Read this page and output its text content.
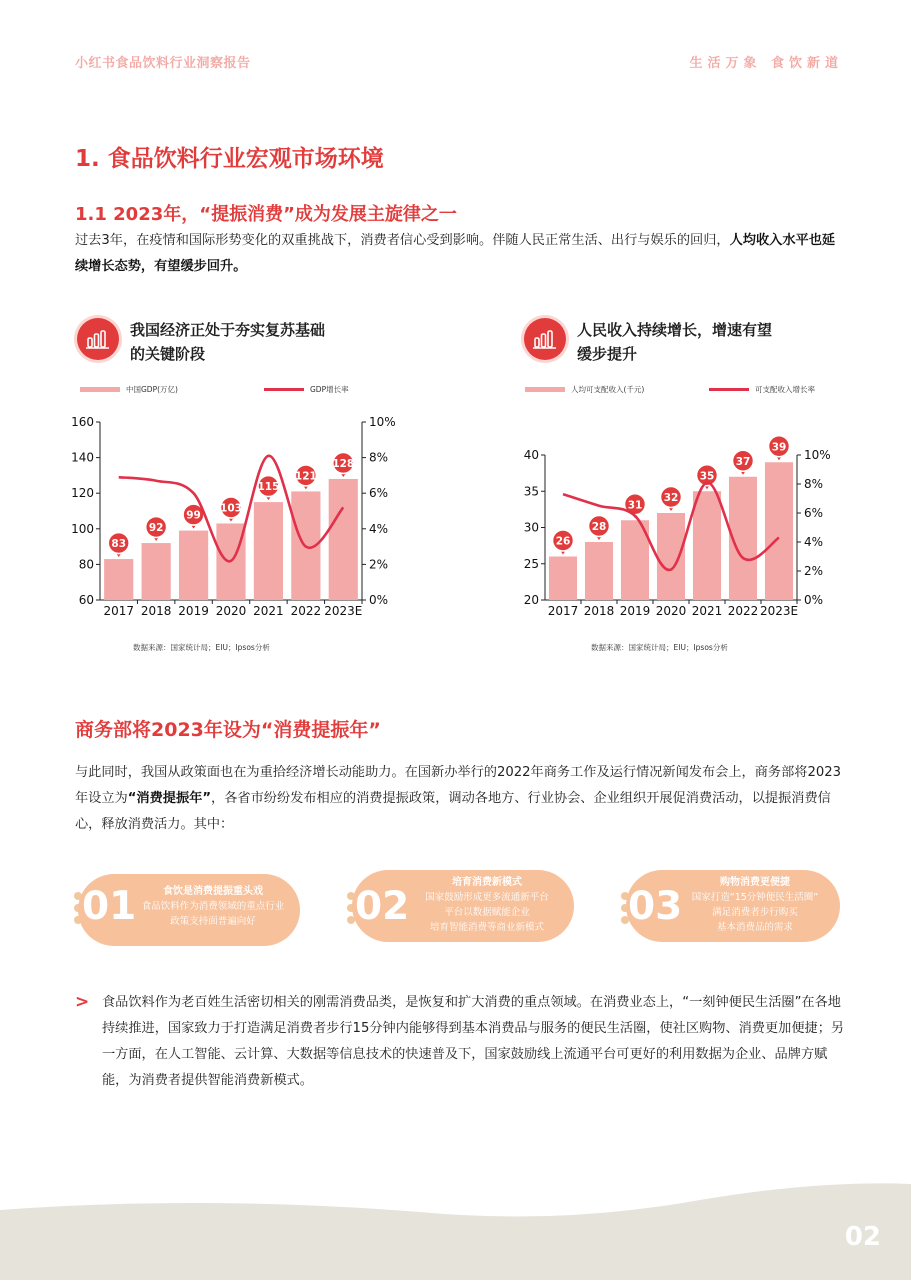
小红书食品饮料行业洞察报告	生活万象 食饮新道
1. 食品饮料行业宏观市场环境
1.1 2023年，“提振消费”成为发展主旋律之一
过去3年，在疫情和国际形势变化的双重挑战下，消费者信心受到影响。伴随人民正常生活、出行与娱乐的回归，人均收入水平也延续增长态势，有望缓步回升。
我国经济正处于夯实复苏基础
的关键阶段
人民收入持续增长，增速有望
缓步提升
中国GDP(万亿)	GDP增长率
60
80
100
120
140
160
0%
2%
4%
6%
8%
10%
2017
83
2018
92
2019
99
2020
103
2021
115
2022
121
2023E
128
人均可支配收入(千元)	可支配收入增长率
20
25
30
35
40
0%
2%
4%
6%
8%
10%
2017
26
2018
28
2019
31
2020
32
2021
35
2022
37
2023E
39
数据来源：国家统计局；EIU；Ipsos分析	数据来源：国家统计局；EIU；Ipsos分析
商务部将2023年设为“消费提振年”
与此同时，我国从政策面也在为重拾经济增长动能助力。在国新办举行的2022年商务工作及运行情况新闻发布会上，商务部将2023年设立为“消费提振年”，各省市纷纷发布相应的消费提振政策，调动各地方、行业协会、企业组织开展促消费活动，以提振消费信心，释放消费活力。其中：
01	食饮是消费提振重头戏
食品饮料作为消费领域的重点行业
政策支持面普遍向好	02
培育消费新模式
国家鼓励形成更多流通新平台
平台以数据赋能企业
培育智能消费等商业新模式	03
购物消费更便捷
国家打造“15分钟便民生活圈”
满足消费者步行购买
基本消费品的需求
> 食品饮料作为老百姓生活密切相关的刚需消费品类，是恢复和扩大消费的重点领域。在消费业态上，“一刻钟便民生活圈”在各地持续推进，国家致力于打造满足消费者步行15分钟内能够得到基本消费品与服务的便民生活圈，使社区购物、消费更加便捷；另一方面，在人工智能、云计算、大数据等信息技术的快速普及下，国家鼓励线上流通平台可更好的利用数据为企业、品牌方赋能，为消费者提供智能消费新模式。
02
